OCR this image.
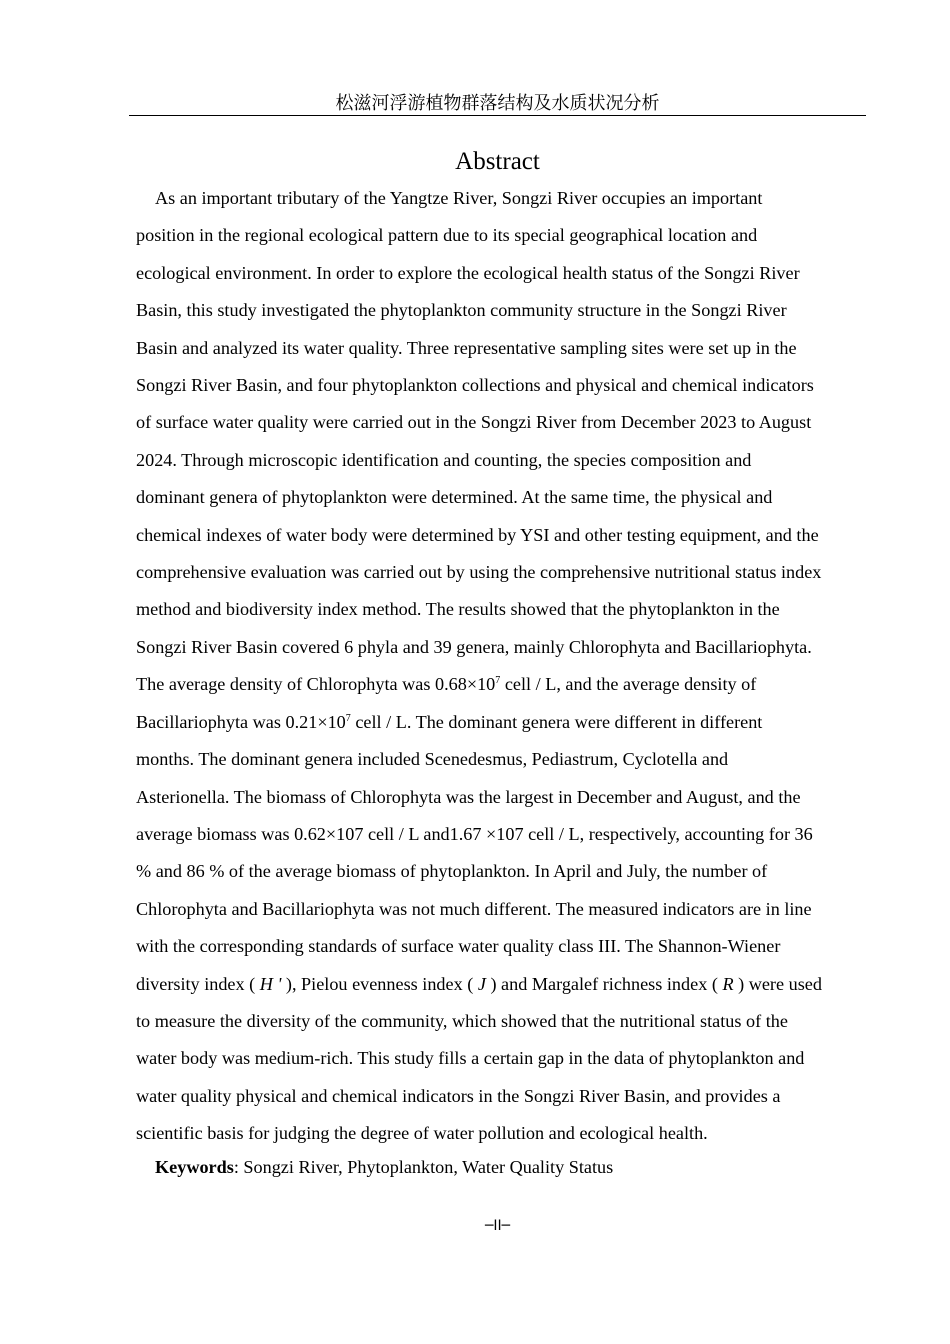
松滋河浮游植物群落结构及水质状况分析
Abstract
As an important tributary of the Yangtze River, Songzi River occupies an important
position in the regional ecological pattern due to its special geographical location and
ecological environment. In order to explore the ecological health status of the Songzi River
Basin, this study investigated the phytoplankton community structure in the Songzi River
Basin and analyzed its water quality. Three representative sampling sites were set up in the
Songzi River Basin, and four phytoplankton collections and physical and chemical indicators
of surface water quality were carried out in the Songzi River from December 2023 to August
2024. Through microscopic identification and counting, the species composition and
dominant genera of phytoplankton were determined. At the same time, the physical and
chemical indexes of water body were determined by YSI and other testing equipment, and the
comprehensive evaluation was carried out by using the comprehensive nutritional status index
method and biodiversity index method. The results showed that the phytoplankton in the
Songzi River Basin covered 6 phyla and 39 genera, mainly Chlorophyta and Bacillariophyta.
The average density of Chlorophyta was $0.68\times 10^7$ cell / L, and the average density of
Bacillariophyta was $0.21\times 10^7$ cell / L. The dominant genera were different in different
months. The dominant genera included Scenedesmus, Pediastrum, Cyclotella and
Asterionella. The biomass of Chlorophyta was the largest in December and August, and the
average biomass was 0.62×107 cell / L and1.67 ×107 cell / L, respectively, accounting for 36
% and 86 % of the average biomass of phytoplankton. In April and July, the number of
Chlorophyta and Bacillariophyta was not much different. The measured indicators are in line
with the corresponding standards of surface water quality class III. The Shannon-Wiener
diversity index ( H ' ), Pielou evenness index ( J ) and Margalef richness index ( R ) were used
to measure the diversity of the community, which showed that the nutritional status of the
water body was medium-rich. This study fills a certain gap in the data of phytoplankton and
water quality physical and chemical indicators in the Songzi River Basin, and provides a
scientific basis for judging the degree of water pollution and ecological health.
Keywords: Songzi River, Phytoplankton, Water Quality Status
─II─
